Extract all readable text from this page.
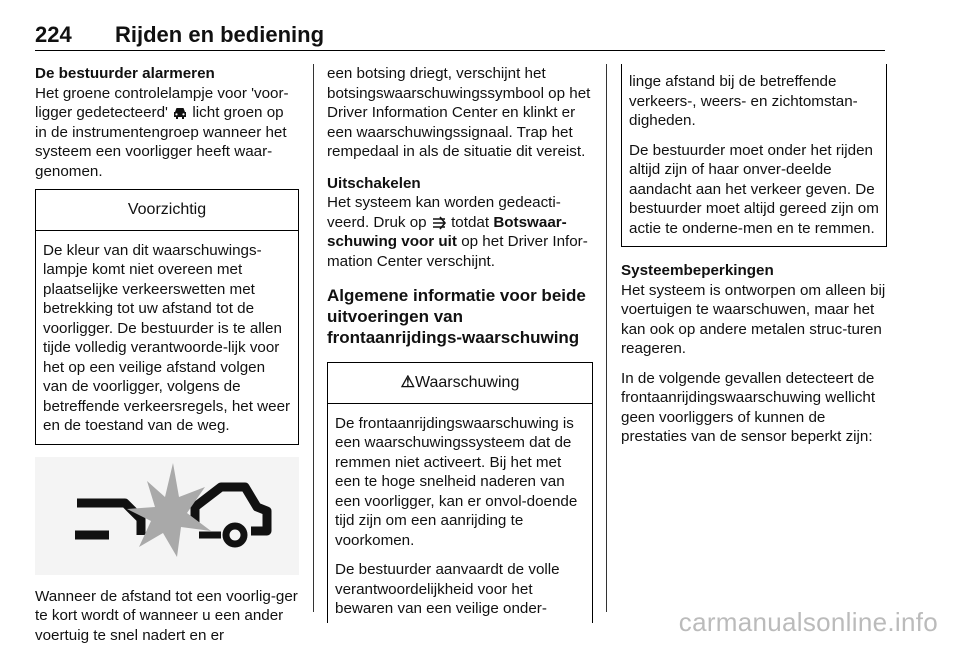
224 Rijden en bediening

De bestuurder alarmeren

Het groene controlelampje voor 'voor-ligger gedetecteerd' licht groen op in de instrumentengroep wanneer het systeem een voorligger heeft waar-genomen.

Voorzichtig

De kleur van dit waarschuwings-lampje komt niet overeen met plaatselijke verkeerswetten met betrekking tot uw afstand tot de voorligger. De bestuurder is te allen tijde volledig verantwoorde-lijk voor het op een veilige afstand volgen van de voorligger, volgens de betreffende verkeersregels, het weer en de toestand van de weg.

Wanneer de afstand tot een voorlig-ger te kort wordt of wanneer u een ander voertuig te snel nadert en er

een botsing driegt, verschijnt het botsingswaarschuwingssymbool op het Driver Information Center en klinkt er een waarschuwingssignaal. Trap het rempedaal in als de situatie dit vereist.

Uitschakelen

Het systeem kan worden gedeacti-veerd. Druk op totdat Botswaar-schuwing voor uit op het Driver Infor-mation Center verschijnt.

Algemene informatie voor beide uitvoeringen van frontaanrijdings-waarschuwing

⚠Waarschuwing

De frontaanrijdingswaarschuwing is een waarschuwingssysteem dat de remmen niet activeert. Bij het met een te hoge snelheid naderen van een voorligger, kan er onvol-doende tijd zijn om een aanrijding te voorkomen.

De bestuurder aanvaardt de volle verantwoordelijkheid voor het bewaren van een veilige onder-

linge afstand bij de betreffende verkeers-, weers- en zichtomstan-digheden.

De bestuurder moet onder het rijden altijd zijn of haar onver-deelde aandacht aan het verkeer geven. De bestuurder moet altijd gereed zijn om actie te onderne-men en te remmen.

Systeembeperkingen

Het systeem is ontworpen om alleen bij voertuigen te waarschuwen, maar het kan ook op andere metalen struc-turen reageren.

In de volgende gevallen detecteert de frontaanrijdingswaarschuwing wellicht geen voorliggers of kunnen de prestaties van de sensor beperkt zijn:

carmanualsonline.info
